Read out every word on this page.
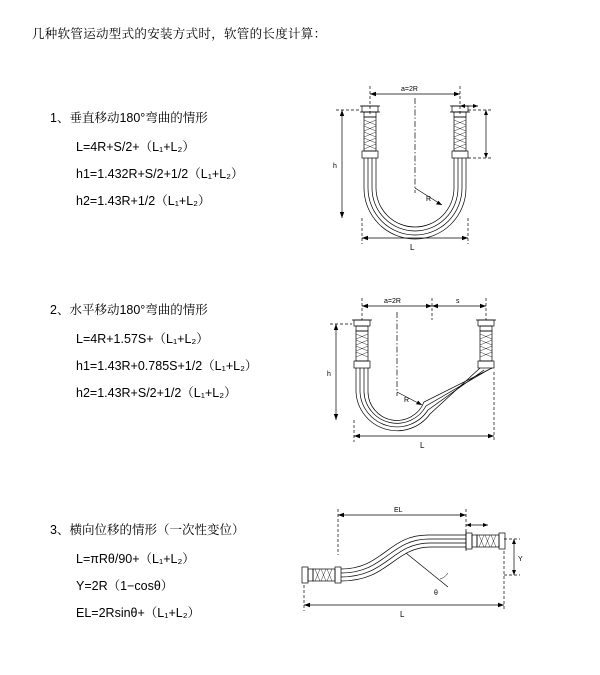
几种软管运动型式的安装方式时，软管的长度计算：
1、垂直移动180°弯曲的情形
L=4R+S/2+（L₁+L₂）
h1=1.432R+S/2+1/2（L₁+L₂）
h2=1.43R+1/2（L₁+L₂）
a=2R
R
h
L
2、水平移动180°弯曲的情形
L=4R+1.57S+（L₁+L₂）
h1=1.43R+0.785S+1/2（L₁+L₂）
h2=1.43R+S/2+1/2（L₁+L₂）
a=2R	s
R
h
L
3、横向位移的情形（一次性变位）
L=πRθ/90+（L₁+L₂）
Y=2R（1−cosθ）
EL=2Rsinθ+（L₁+L₂）
EL
θ
Y
L
